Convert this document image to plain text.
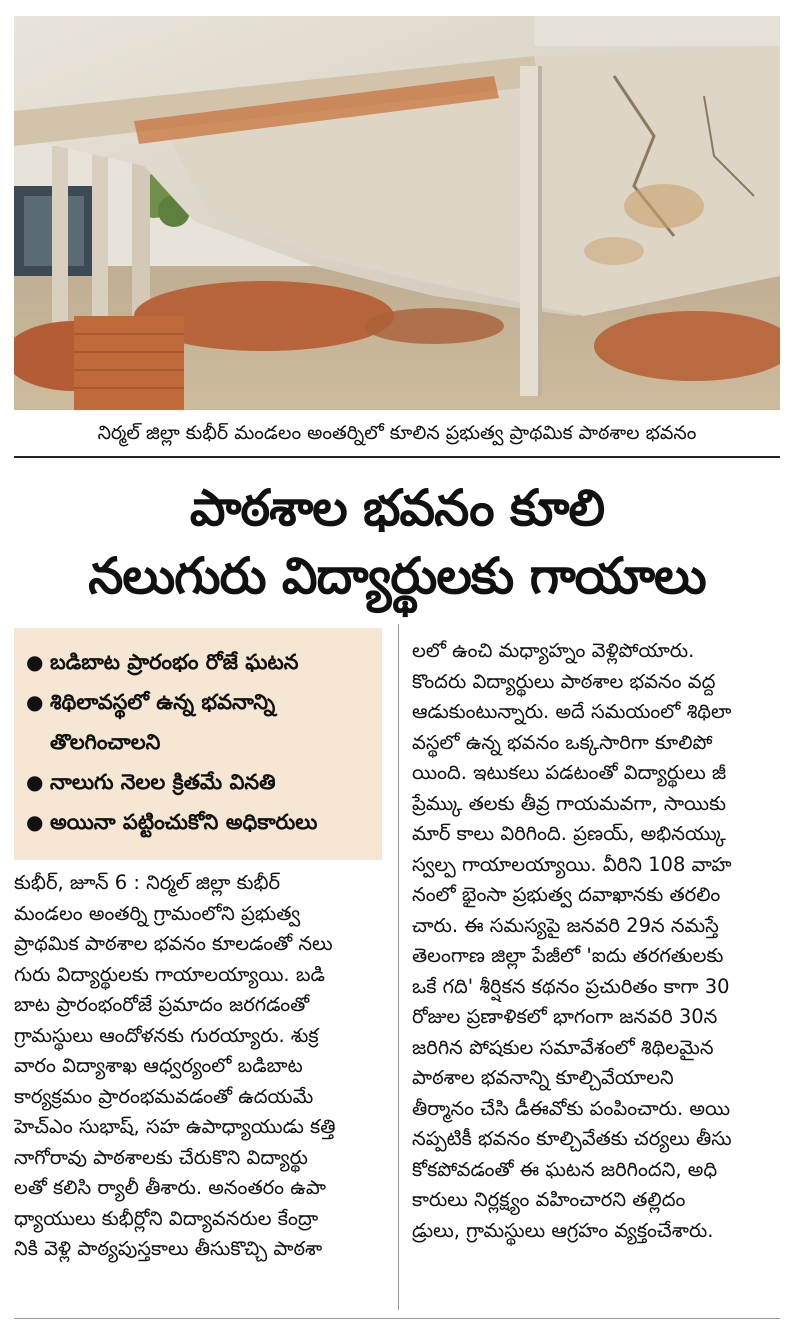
నిర్మల్ జిల్లా కుభీర్ మండలం అంతర్నిలో కూలిన ప్రభుత్వ ప్రాథమిక పాఠశాల భవనం
పాఠశాల భవనం కూలి
నలుగురు విద్యార్థులకు గాయాలు
● బడిబాట ప్రారంభం రోజే ఘటన
● శిథిలావస్థలో ఉన్న భవనాన్ని తొలగించాలని
● నాలుగు నెలల క్రితమే వినతి
● అయినా పట్టించుకోని అధికారులు
కుభీర్, జూన్ 6 : నిర్మల్ జిల్లా కుభీర్
మండలం అంతర్ని గ్రామంలోని ప్రభుత్వ
ప్రాథమిక పాఠశాల భవనం కూలడంతో నలు
గురు విద్యార్థులకు గాయాలయ్యాయి. బడి
బాట ప్రారంభంరోజే ప్రమాదం జరగడంతో
గ్రామస్థులు ఆందోళనకు గురయ్యారు. శుక్ర
వారం విద్యాశాఖ ఆధ్వర్యంలో బడిబాట
కార్యక్రమం ప్రారంభమవడంతో ఉదయమే
హెచ్ఎం సుభాష్, సహ ఉపాధ్యాయుడు కత్తి
నాగోరావు పాఠశాలకు చేరుకొని విద్యార్థు
లతో కలిసి ర్యాలీ తీశారు. అనంతరం ఉపా
ధ్యాయులు కుభీర్లోని విద్యావనరుల కేంద్రా
నికి వెళ్లి పాఠ్యపుస్తకాలు తీసుకొచ్చి పాఠశా
లలో ఉంచి మధ్యాహ్నం వెళ్లిపోయారు.
కొందరు విద్యార్థులు పాఠశాల భవనం వద్ద
ఆడుకుంటున్నారు. అదే సమయంలో శిథిలా
వస్థలో ఉన్న భవనం ఒక్కసారిగా కూలిపో
యింది. ఇటుకలు పడటంతో విద్యార్థులు జీ
ప్రేమ్కు తలకు తీవ్ర గాయమవగా, సాయికు
మార్ కాలు విరిగింది. ప్రణయ్, అభినయ్కు
స్వల్ప గాయాలయ్యాయి. వీరిని 108 వాహ
నంలో భైంసా ప్రభుత్వ దవాఖానకు తరలిం
చారు. ఈ సమస్యపై జనవరి 29న నమస్తే
తెలంగాణ జిల్లా పేజీలో 'ఐదు తరగతులకు
ఒకే గది' శీర్షికన కథనం ప్రచురితం కాగా 30
రోజుల ప్రణాళికలో భాగంగా జనవరి 30న
జరిగిన పోషకుల సమావేశంలో శిథిలమైన
పాఠశాల భవనాన్ని కూల్చివేయాలని
తీర్మానం చేసి డీఈవోకు పంపించారు. అయి
నప్పటికీ భవనం కూల్చివేతకు చర్యలు తీసు
కోకపోవడంతో ఈ ఘటన జరిగిందని, అధి
కారులు నిర్లక్ష్యం వహించారని తల్లిదం
డ్రులు, గ్రామస్థులు ఆగ్రహం వ్యక్తంచేశారు.
